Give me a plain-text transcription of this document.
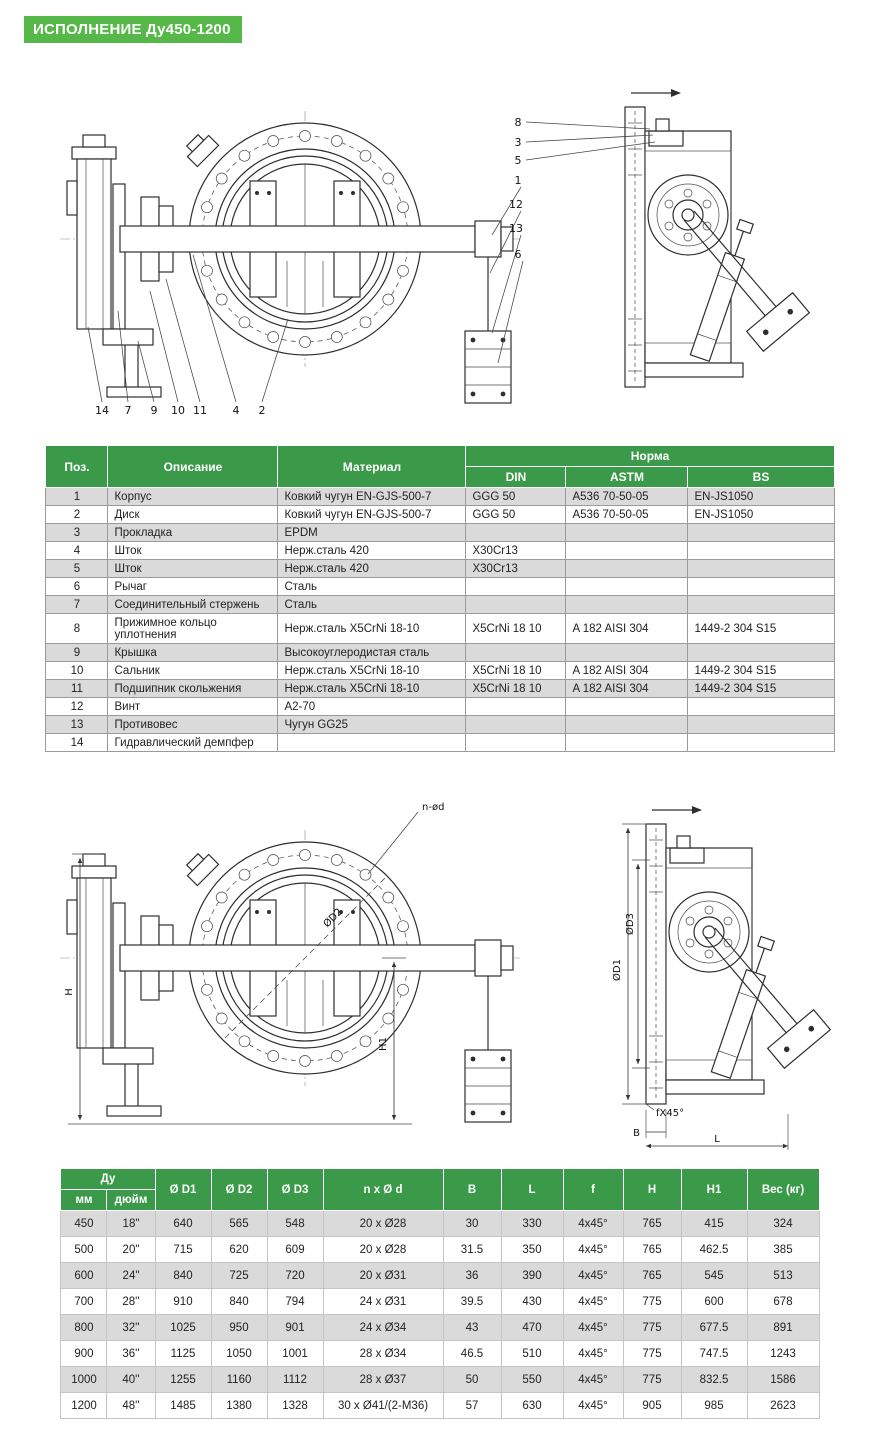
ИСПОЛНЕНИЕ Ду450-1200
8
3
5
1
12
13
6
14 7 9 10 11 4 2
Поз.	Описание	Материал	Норма		
			DIN	ASTM	BS
1	Корпус	Ковкий чугун EN-GJS-500-7	GGG 50	A536 70-50-05	EN-JS1050
2	Диск	Ковкий чугун EN-GJS-500-7	GGG 50	A536 70-50-05	EN-JS1050
3	Прокладка	EPDM			
4	Шток	Нерж.сталь 420	X30Cr13		
5	Шток	Нерж.сталь 420	X30Cr13		
6	Рычаг	Сталь			
7	Соединительный стержень	Сталь			
8	Прижимное кольцо уплотнения	Нерж.сталь X5CrNi 18-10	X5CrNi 18 10	A 182 AISI 304	1449-2 304 S15
9	Крышка	Высокоуглеродистая сталь			
10	Сальник	Нерж.сталь X5CrNi 18-10	X5CrNi 18 10	A 182 AISI 304	1449-2 304 S15
11	Подшипник скольжения	Нерж.сталь X5CrNi 18-10	X5CrNi 18 10	A 182 AISI 304	1449-2 304 S15
12	Винт	A2-70			
13	Противовес	Чугун GG25			
14	Гидравлический демпфер				
n-ød
ØD2
H
H1
ØD1
ØD3
fX45°
B
L
Ду		Ø D1	Ø D2	Ø D3	n x Ø d	B	L	f	H	H1	Вес (кг)
мм	дюйм										
450	18"	640	565	548	20 x Ø28	30	330	4x45°	765	415	324
500	20"	715	620	609	20 x Ø28	31.5	350	4x45°	765	462.5	385
600	24"	840	725	720	20 x Ø31	36	390	4x45°	765	545	513
700	28''	910	840	794	24 x Ø31	39.5	430	4x45°	775	600	678
800	32''	1025	950	901	24 x Ø34	43	470	4x45°	775	677.5	891
900	36''	1125	1050	1001	28 x Ø34	46.5	510	4x45°	775	747.5	1243
1000	40''	1255	1160	1112	28 x Ø37	50	550	4x45°	775	832.5	1586
1200	48''	1485	1380	1328	30 x Ø41/(2-M36)	57	630	4x45°	905	985	2623
